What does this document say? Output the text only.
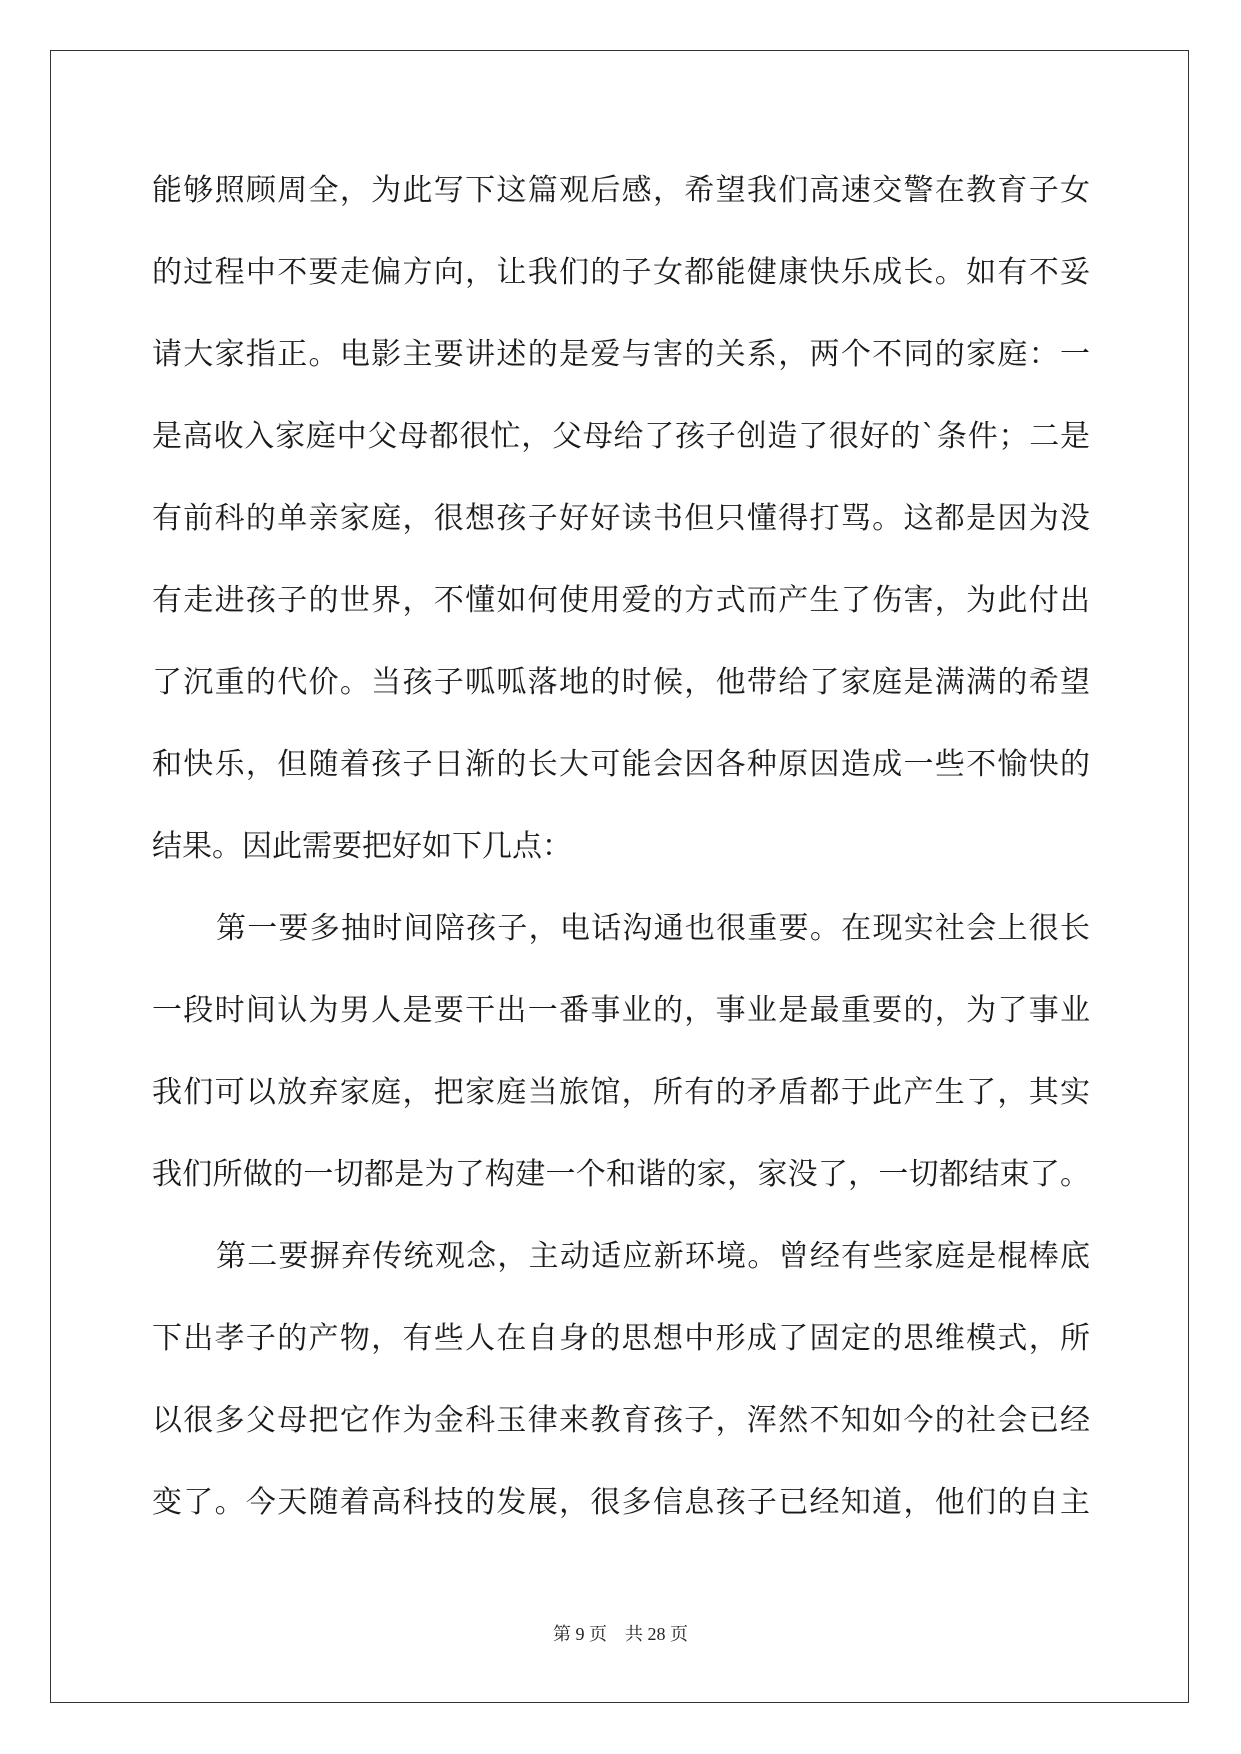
能够照顾周全，为此写下这篇观后感，希望我们高速交警在教育子女
的过程中不要走偏方向，让我们的子女都能健康快乐成长。如有不妥
请大家指正。电影主要讲述的是爱与害的关系，两个不同的家庭：一
是高收入家庭中父母都很忙，父母给了孩子创造了很好的`条件；二是
有前科的单亲家庭，很想孩子好好读书但只懂得打骂。这都是因为没
有走进孩子的世界，不懂如何使用爱的方式而产生了伤害，为此付出
了沉重的代价。当孩子呱呱落地的时候，他带给了家庭是满满的希望
和快乐，但随着孩子日渐的长大可能会因各种原因造成一些不愉快的
结果。因此需要把好如下几点：
第一要多抽时间陪孩子，电话沟通也很重要。在现实社会上很长
一段时间认为男人是要干出一番事业的，事业是最重要的，为了事业
我们可以放弃家庭，把家庭当旅馆，所有的矛盾都于此产生了，其实
我们所做的一切都是为了构建一个和谐的家，家没了，一切都结束了。
第二要摒弃传统观念，主动适应新环境。曾经有些家庭是棍棒底
下出孝子的产物，有些人在自身的思想中形成了固定的思维模式，所
以很多父母把它作为金科玉律来教育孩子，浑然不知如今的社会已经
变了。今天随着高科技的发展，很多信息孩子已经知道，他们的自主
第 9 页 共 28 页
